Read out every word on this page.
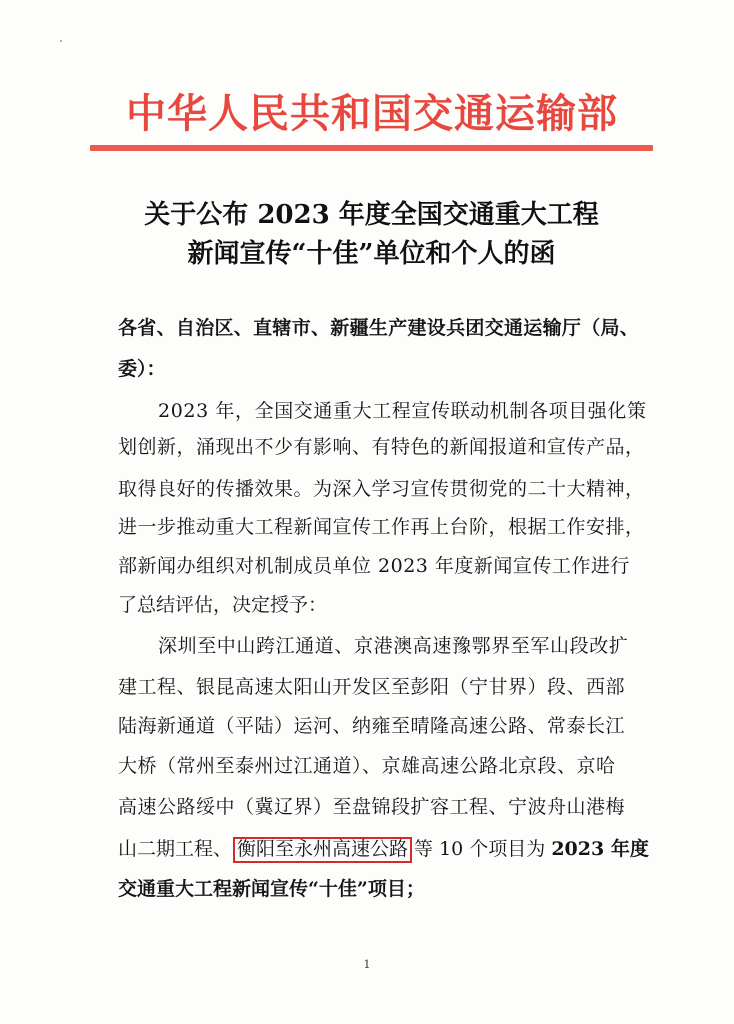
中华人民共和国交通运输部
关于公布 2023 年度全国交通重大工程
新闻宣传“十佳”单位和个人的函
各省、自治区、直辖市、新疆生产建设兵团交通运输厅（局、
委）：
2023 年，全国交通重大工程宣传联动机制各项目强化策
划创新，涌现出不少有影响、有特色的新闻报道和宣传产品，
取得良好的传播效果。为深入学习宣传贯彻党的二十大精神，
进一步推动重大工程新闻宣传工作再上台阶，根据工作安排，
部新闻办组织对机制成员单位 2023 年度新闻宣传工作进行
了总结评估，决定授予：
深圳至中山跨江通道、京港澳高速豫鄂界至军山段改扩
建工程、银昆高速太阳山开发区至彭阳（宁甘界）段、西部
陆海新通道（平陆）运河、纳雍至晴隆高速公路、常泰长江
大桥（常州至泰州过江通道）、京雄高速公路北京段、京哈
高速公路绥中（冀辽界）至盘锦段扩容工程、宁波舟山港梅
山二期工程、 衡阳至永州高速公路 等 10 个项目为 2023 年度
交通重大工程新闻宣传“十佳”项目；
1
